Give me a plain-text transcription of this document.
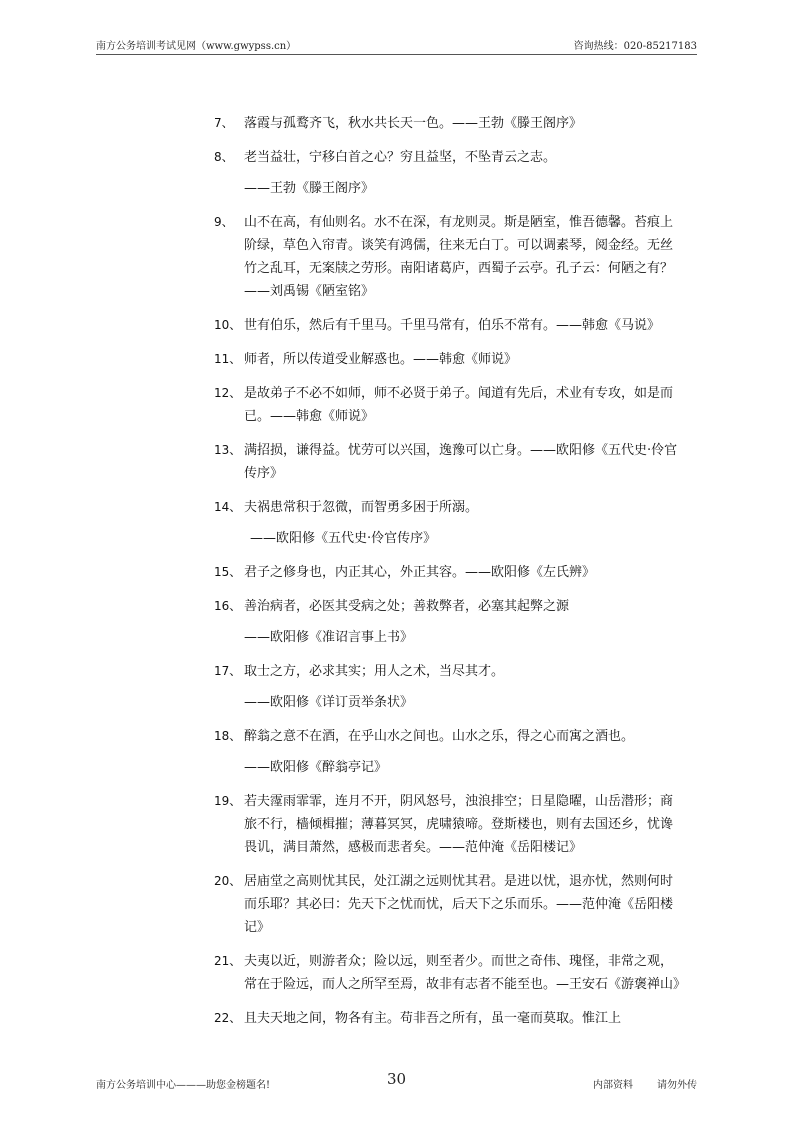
南方公务培训考试见网（www.gwypss.cn）	咨询热线：020-85217183
7、 落霞与孤鹜齐飞，秋水共长天一色。——王勃《滕王阁序》
8、 老当益壮，宁移白首之心？穷且益坚，不坠青云之志。
——王勃《滕王阁序》
9、 山不在高，有仙则名。水不在深，有龙则灵。斯是陋室，惟吾德馨。苔痕上阶绿，草色入帘青。谈笑有鸿儒，往来无白丁。可以调素琴，阅金经。无丝竹之乱耳，无案牍之劳形。南阳诸葛庐，西蜀子云亭。孔子云：何陋之有？——刘禹锡《陋室铭》
10、 世有伯乐，然后有千里马。千里马常有，伯乐不常有。——韩愈《马说》
11、 师者，所以传道受业解惑也。——韩愈《师说》
12、 是故弟子不必不如师，师不必贤于弟子。闻道有先后，术业有专攻，如是而已。——韩愈《师说》
13、 满招损，谦得益。忧劳可以兴国，逸豫可以亡身。——欧阳修《五代史·伶官传序》
14、 夫祸患常积于忽微，而智勇多困于所溺。
——欧阳修《五代史·伶官传序》
15、 君子之修身也，内正其心，外正其容。——欧阳修《左氏辨》
16、 善治病者，必医其受病之处；善救弊者，必塞其起弊之源
——欧阳修《准诏言事上书》
17、 取士之方，必求其实；用人之术，当尽其才。
——欧阳修《详订贡举条状》
18、 醉翁之意不在酒，在乎山水之间也。山水之乐，得之心而寓之酒也。
——欧阳修《醉翁亭记》
19、 若夫霪雨霏霏，连月不开，阴风怒号，浊浪排空；日星隐曜，山岳潜形；商旅不行，樯倾楫摧；薄暮冥冥，虎啸猿啼。登斯楼也，则有去国还乡，忧谗畏讥，满目萧然，感极而悲者矣。——范仲淹《岳阳楼记》
20、 居庙堂之高则忧其民，处江湖之远则忧其君。是进以忧，退亦忧，然则何时而乐耶？其必曰：先天下之忧而忧，后天下之乐而乐。——范仲淹《岳阳楼记》
21、 夫夷以近，则游者众；险以远，则至者少。而世之奇伟、瑰怪，非常之观，常在于险远，而人之所罕至焉，故非有志者不能至也。—王安石《游褒禅山》
22、 且夫天地之间，物各有主。苟非吾之所有，虽一毫而莫取。惟江上
南方公务培训中心———助您金榜题名!	30	内部资料 请勿外传
